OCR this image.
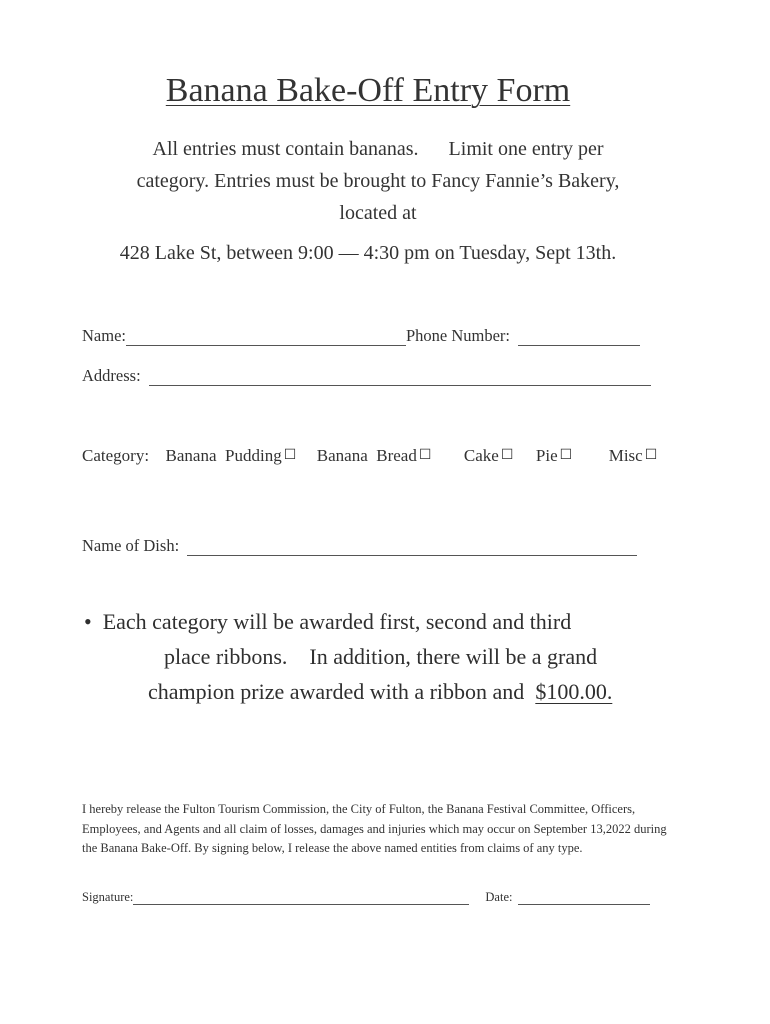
Banana Bake-Off Entry Form
All entries must contain bananas. Limit one entry per
category. Entries must be brought to Fancy Fannie’s Bakery,
located at
428 Lake St, between 9:00 — 4:30 pm on Tuesday, Sept 13th.
Name:	Phone Number:
Address:
Category: Banana  Pudding ☐ Banana  Bread ☐ Cake ☐ Pie ☐ Misc ☐
Name of Dish:
• Each category will be awarded first, second and third
place ribbons.    In addition, there will be a grand
champion prize awarded with a ribbon and $100.00.
I hereby release the Fulton Tourism Commission, the City of Fulton, the Banana Festival Committee, Officers, Employees, and Agents and all claim of losses, damages and injuries which may occur on September 13,2022 during the Banana Bake-Off. By signing below, I release the above named entities from claims of any type.
Signature:	Date:
